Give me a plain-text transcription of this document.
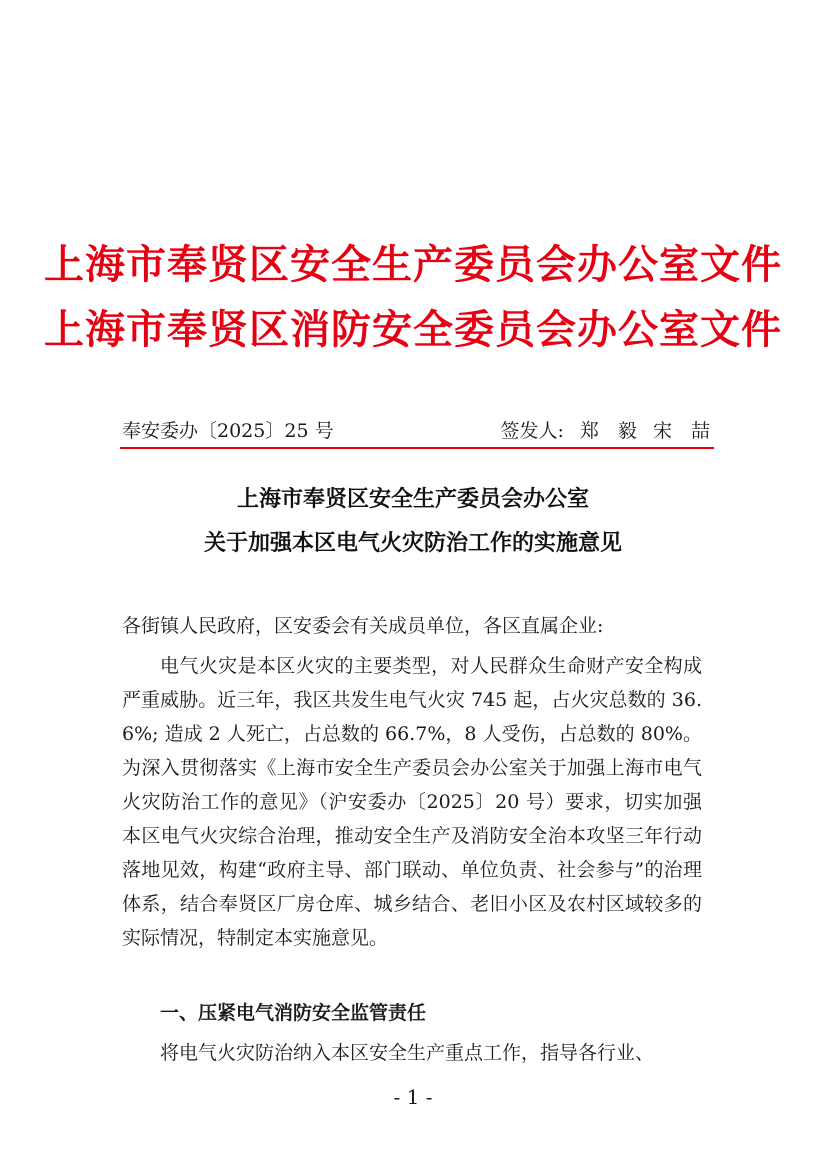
上海市奉贤区安全生产委员会办公室文件
上海市奉贤区消防安全委员会办公室文件
奉安委办〔2025〕25 号	签发人: 郑　毅 宋　喆
上海市奉贤区安全生产委员会办公室
关于加强本区电气火灾防治工作的实施意见
各街镇人民政府，区安委会有关成员单位，各区直属企业:
电气火灾是本区火灾的主要类型，对人民群众生命财产安全构成严重威胁。近三年，我区共发生电气火灾 745 起，占火灾总数的 36.6%; 造成 2 人死亡，占总数的 66.7%，8 人受伤，占总数的 80%。为深入贯彻落实《上海市安全生产委员会办公室关于加强上海市电气火灾防治工作的意见》（沪安委办〔2025〕20 号）要求，切实加强本区电气火灾综合治理，推动安全生产及消防安全治本攻坚三年行动落地见效，构建“政府主导、部门联动、单位负责、社会参与”的治理体系，结合奉贤区厂房仓库、城乡结合、老旧小区及农村区域较多的实际情况，特制定本实施意见。
一、压紧电气消防安全监管责任
将电气火灾防治纳入本区安全生产重点工作，指导各行业、
- 1 -
